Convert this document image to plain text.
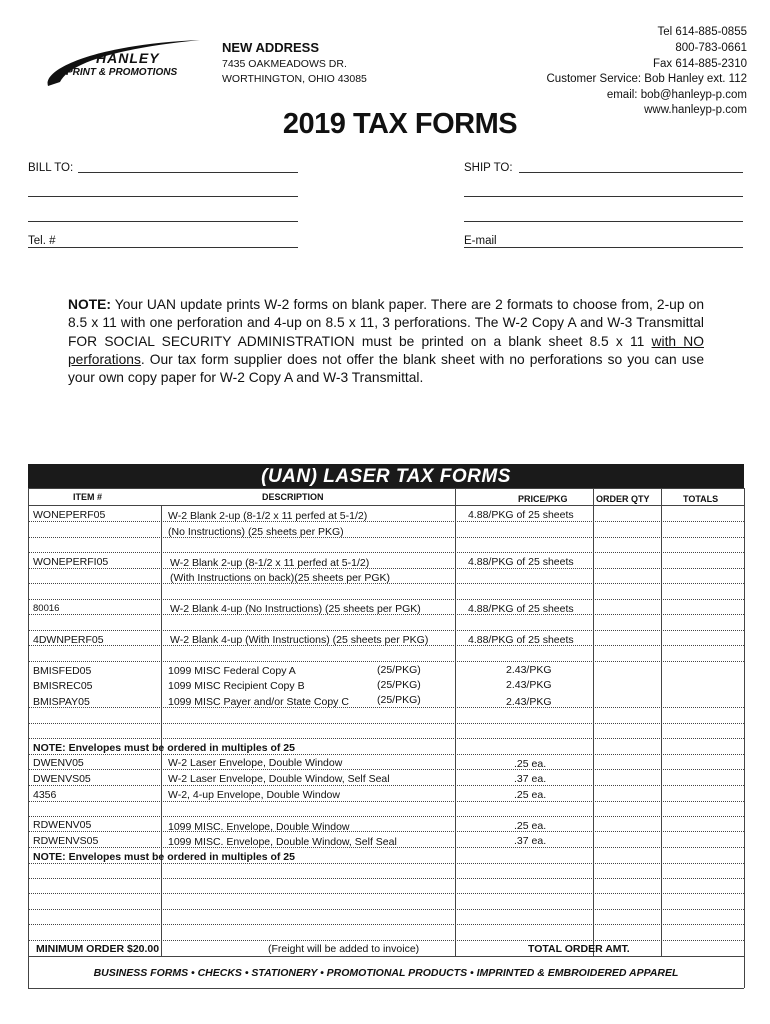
HANLEY
PRINT & PROMOTIONS
NEW ADDRESS
7435 OAKMEADOWS DR.
WORTHINGTON, OHIO 43085
Tel 614-885-0855
800-783-0661
Fax 614-885-2310
Customer Service: Bob Hanley ext. 112
email: bob@hanleyp-p.com
www.hanleyp-p.com
2019 TAX FORMS
BILL TO:
Tel. #
SHIP TO:
E-mail
NOTE: Your UAN update prints W-2 forms on blank paper. There are 2 formats to choose from, 2-up on 8.5 x 11 with one perforation and 4-up on 8.5 x 11, 3 perforations. The W-2 Copy A and W-3 Transmittal FOR SOCIAL SECURITY ADMINISTRATION must be printed on a blank sheet 8.5 x 11 with NO perforations. Our tax form supplier does not offer the blank sheet with no perforations so you can use your own copy paper for W-2 Copy A and W-3 Transmittal.
(UAN) LASER TAX FORMS
ITEM #	DESCRIPTION	PRICE/PKG	ORDER QTY	TOTALS
WONEPERF05	W-2 Blank 2-up (8-1/2 x 11 perfed at 5-1/2)	4.88/PKG of 25 sheets
(No Instructions) (25 sheets per PKG)
WONEPERFI05	W-2 Blank 2-up (8-1/2 x 11 perfed at 5-1/2)	4.88/PKG of 25 sheets
(With Instructions on back)(25 sheets per PGK)
80016	W-2 Blank 4-up (No Instructions) (25 sheets per PGK)	4.88/PKG of 25 sheets
4DWNPERF05	W-2 Blank 4-up (With Instructions) (25 sheets per PKG)	4.88/PKG of 25 sheets
BMISFED05	1099 MISC Federal Copy A	(25/PKG)	2.43/PKG
BMISREC05	1099 MISC Recipient Copy B	(25/PKG)	2.43/PKG
BMISPAY05	1099 MISC Payer and/or State Copy C	(25/PKG)	2.43/PKG
NOTE: Envelopes must be ordered in multiples of 25
DWENV05	W-2 Laser Envelope, Double Window	.25 ea.
DWENVS05	W-2 Laser Envelope, Double Window, Self Seal	.37 ea.
4356	W-2, 4-up Envelope, Double Window	.25 ea.
RDWENV05	1099 MISC. Envelope, Double Window	.25 ea.
RDWENVS05	1099 MISC. Envelope, Double Window, Self Seal	.37 ea.
NOTE: Envelopes must be ordered in multiples of 25
MINIMUM ORDER $20.00	(Freight will be added to invoice)	TOTAL ORDER AMT.
BUSINESS FORMS • CHECKS • STATIONERY • PROMOTIONAL PRODUCTS • IMPRINTED & EMBROIDERED APPAREL
